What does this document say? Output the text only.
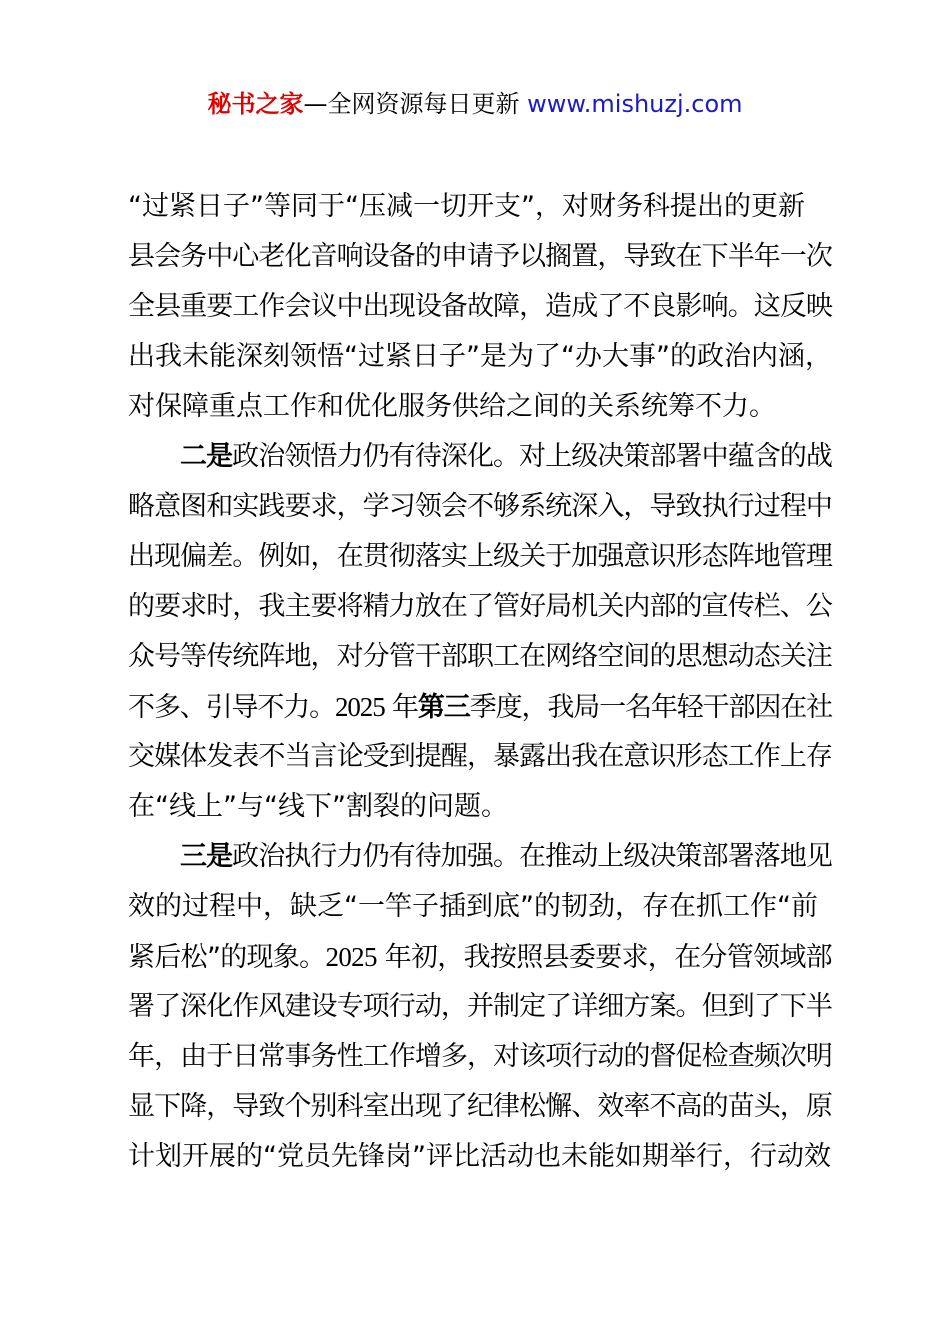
秘书之家—全网资源每日更新 www.mishuzj.com
“过紧日子”等同于“压减一切开支”，对财务科提出的更新
县会务中心老化音响设备的申请予以搁置，导致在下半年一次
全县重要工作会议中出现设备故障，造成了不良影响。这反映
出我未能深刻领悟“过紧日子”是为了“办大事”的政治内涵，
对保障重点工作和优化服务供给之间的关系统筹不力。
二是政治领悟力仍有待深化。对上级决策部署中蕴含的战
略意图和实践要求，学习领会不够系统深入，导致执行过程中
出现偏差。例如，在贯彻落实上级关于加强意识形态阵地管理
的要求时，我主要将精力放在了管好局机关内部的宣传栏、公
众号等传统阵地，对分管干部职工在网络空间的思想动态关注
不多、引导不力。2025 年第三季度，我局一名年轻干部因在社
交媒体发表不当言论受到提醒，暴露出我在意识形态工作上存
在“线上”与“线下”割裂的问题。
三是政治执行力仍有待加强。在推动上级决策部署落地见
效的过程中，缺乏“一竿子插到底”的韧劲，存在抓工作“前
紧后松”的现象。2025 年初，我按照县委要求，在分管领域部
署了深化作风建设专项行动，并制定了详细方案。但到了下半
年，由于日常事务性工作增多，对该项行动的督促检查频次明
显下降，导致个别科室出现了纪律松懈、效率不高的苗头，原
计划开展的“党员先锋岗”评比活动也未能如期举行，行动效
